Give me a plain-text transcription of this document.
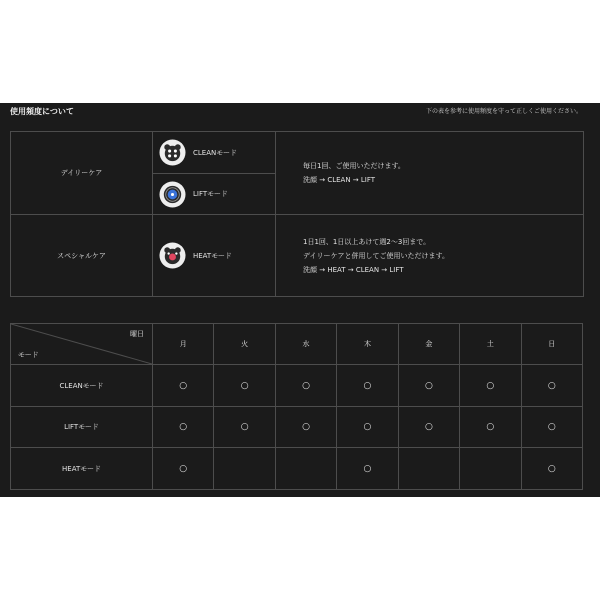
使用頻度について	下の表を参考に使用頻度を守って正しくご使用ください。
デイリーケア	CLEANモード	毎日1回、ご使用いただけます。
洗顔 → CLEAN → LIFT

	LIFTモード	

スペシャルケア	HEATモード	1日1回、1日以上あけて週2〜3回まで。
デイリーケアと併用してご使用いただけます。
洗顔 → HEAT → CLEAN → LIFT
曜日
モード	月	火	水	木	金	土	日
CLEANモード	○	○	○	○	○	○	○
LIFTモード	○	○	○	○	○	○	○
HEATモード	○			○			○
